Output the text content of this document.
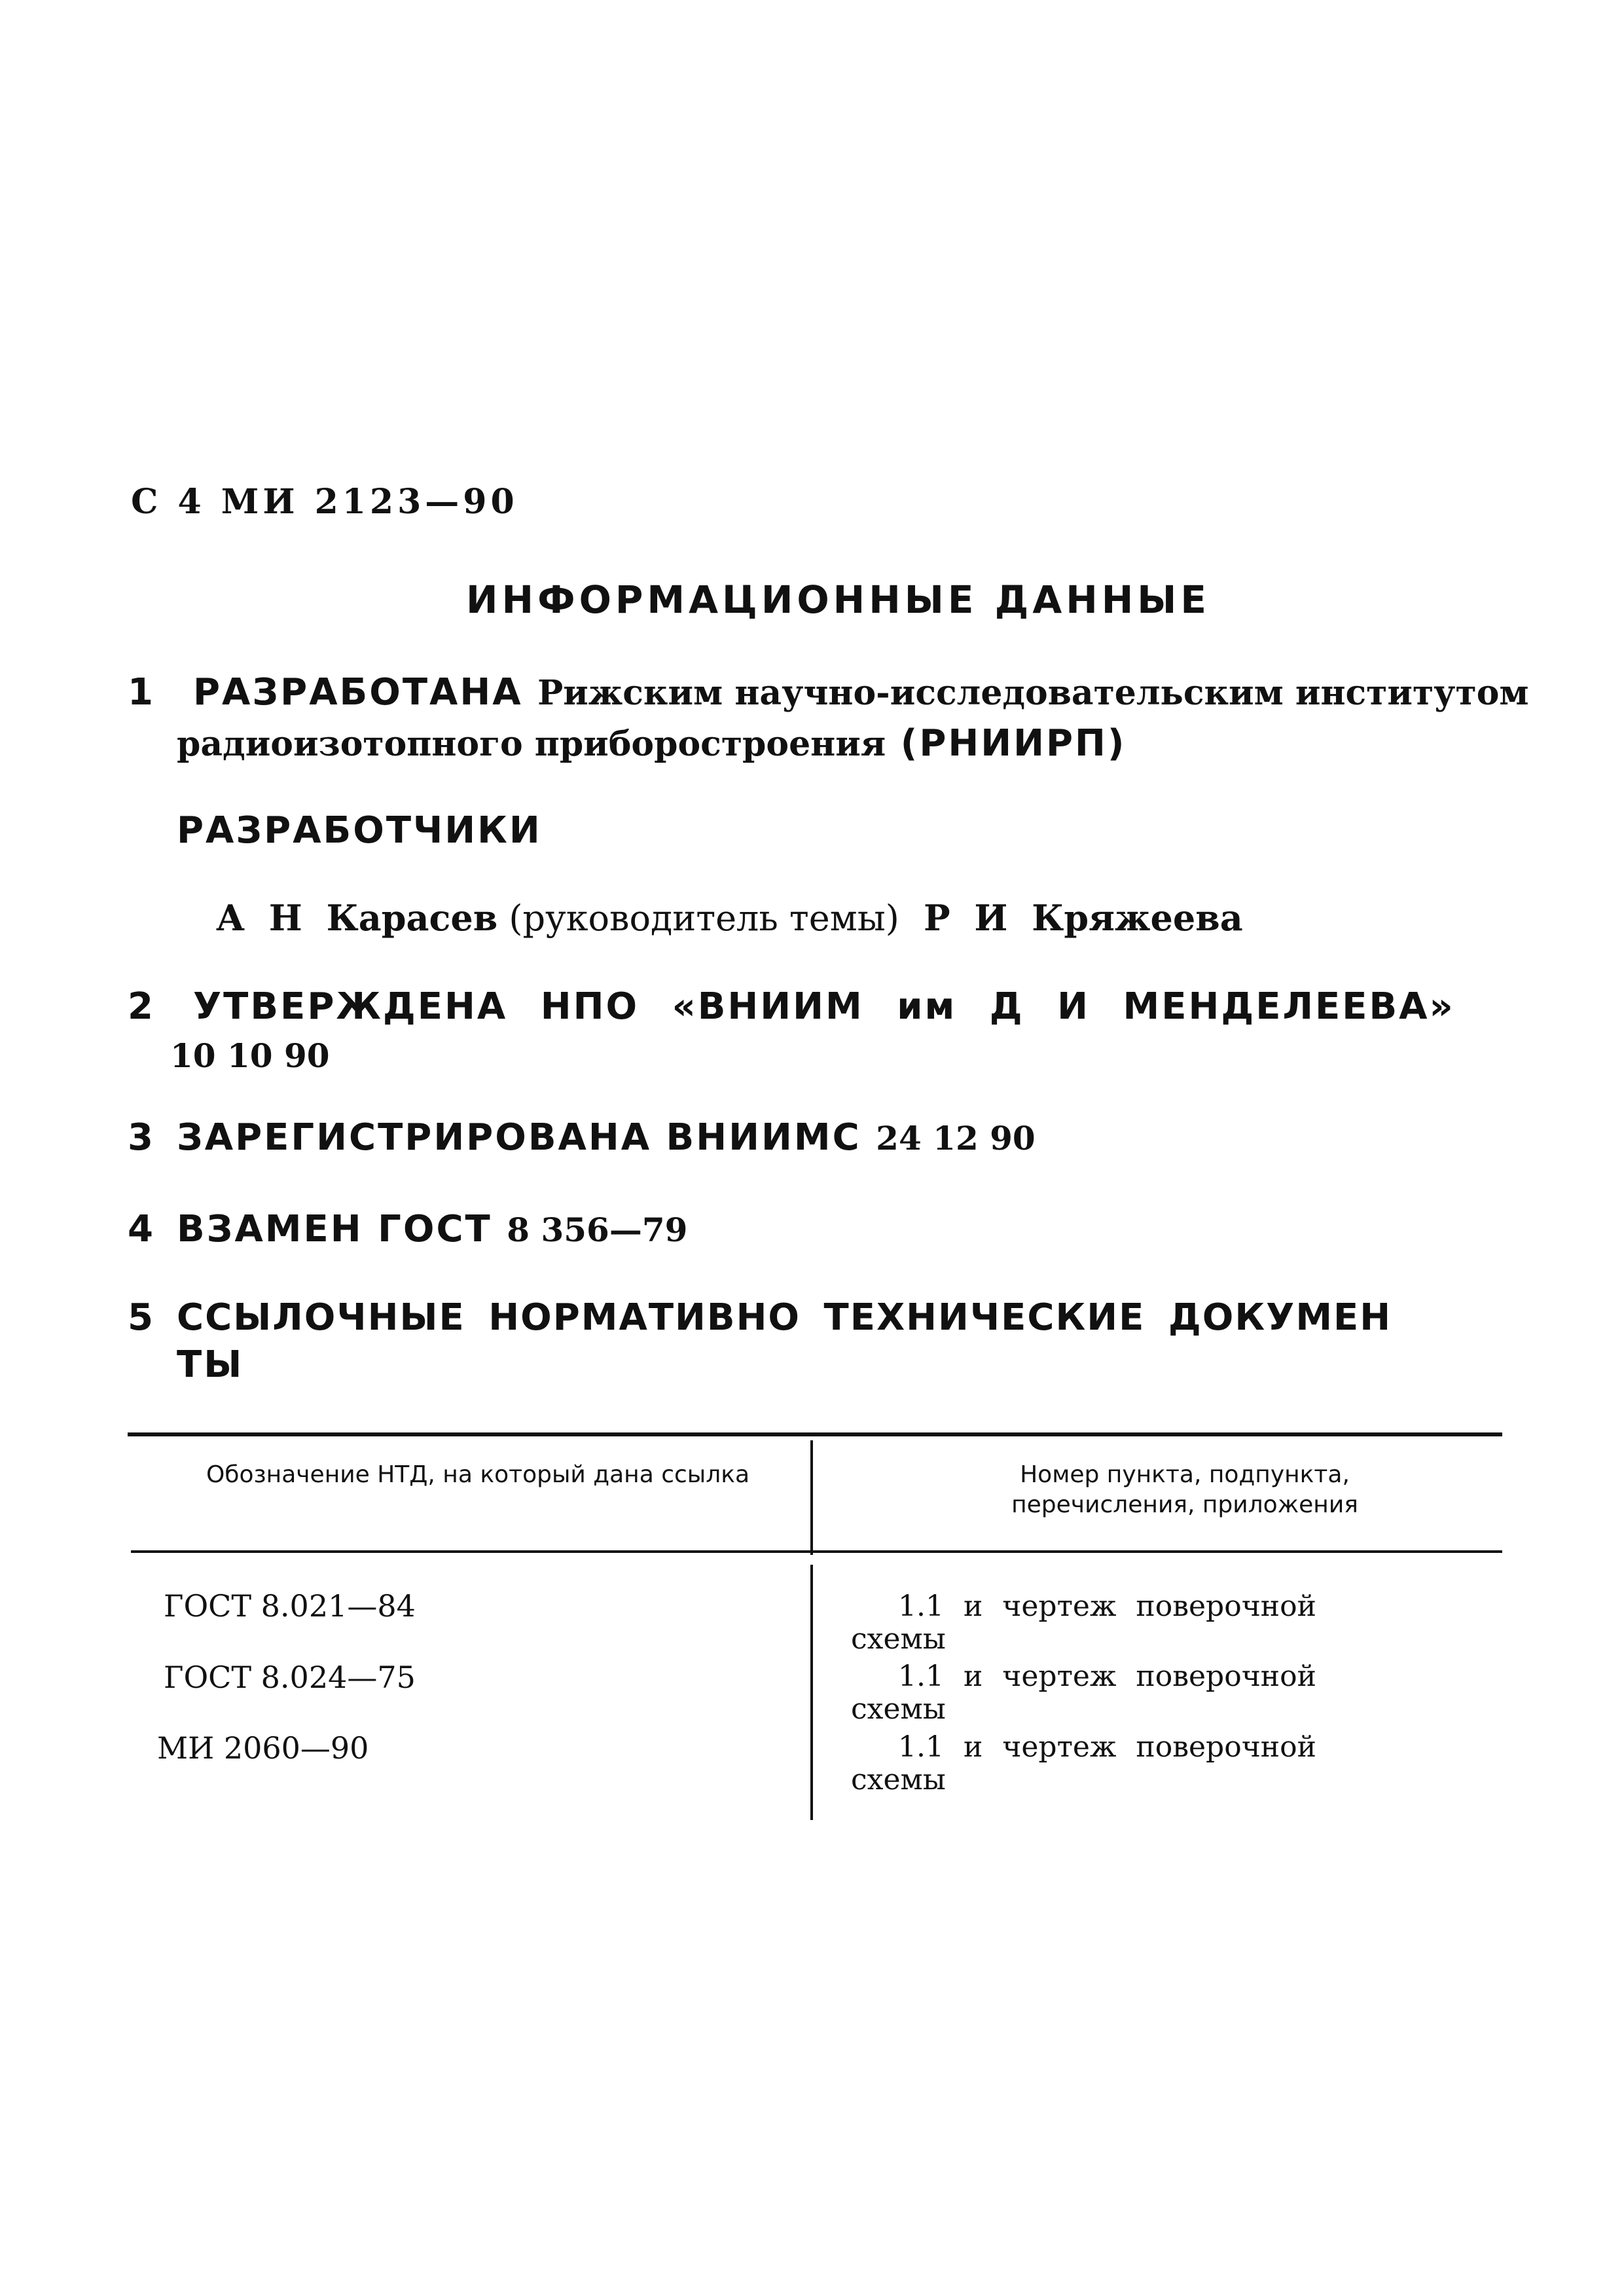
С 4 МИ 2123—90
ИНФОРМАЦИОННЫЕ ДАННЫЕ
1 РАЗРАБОТАНА Рижским научно-исследовательским институтом
радиоизотопного приборостроения (РНИИРП)
РАЗРАБОТЧИКИ
А Н Карасев (руководитель темы) Р И Кряжеева
2 УТВЕРЖДЕНА НПО «ВНИИМ им Д И МЕНДЕЛЕЕВА»
10 10 90
3 ЗАРЕГИСТРИРОВАНА ВНИИМС 24 12 90
4 ВЗАМЕН ГОСТ 8 356—79
5 ССЫЛОЧНЫЕ НОРМАТИВНО ТЕХНИЧЕСКИЕ ДОКУМЕН
ТЫ
Обозначение НТД, на который дана ссылка	Номер пункта, подпункта, перечисления, приложения
ГОСТ 8.021—84	1.1 и чертеж поверочной
схемы
ГОСТ 8.024—75	1.1 и чертеж поверочной
схемы
МИ 2060—90	1.1 и чертеж поверочной
схемы
